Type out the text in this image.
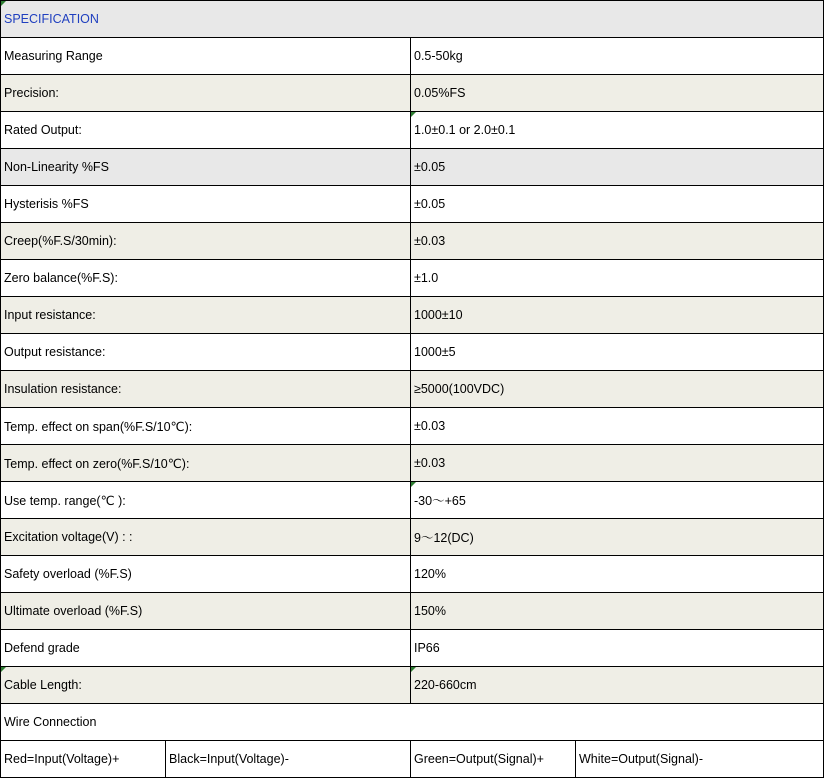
SPECIFICATION			
Measuring Range		0.5-50kg	
Precision:		0.05%FS	
Rated Output:		1.0±0.1 or 2.0±0.1	
Non-Linearity %FS		±0.05	
Hysterisis %FS		±0.05	
Creep(%F.S/30min):		±0.03	
Zero balance(%F.S):		±1.0	
Input resistance:		1000±10	
Output resistance:		1000±5	
Insulation resistance:		≥5000(100VDC)	
Temp. effect on span(%F.S/10℃):		±0.03	
Temp. effect on zero(%F.S/10℃):		±0.03	
Use temp. range(℃ ):		-30～+65	
Excitation voltage(V) : :		9～12(DC)	
Safety overload (%F.S)		120%	
Ultimate overload (%F.S)		150%	
Defend grade		IP66	
Cable Length:		220-660cm	
Wire Connection			
Red=Input(Voltage)+	Black=Input(Voltage)-	Green=Output(Signal)+	White=Output(Signal)-
